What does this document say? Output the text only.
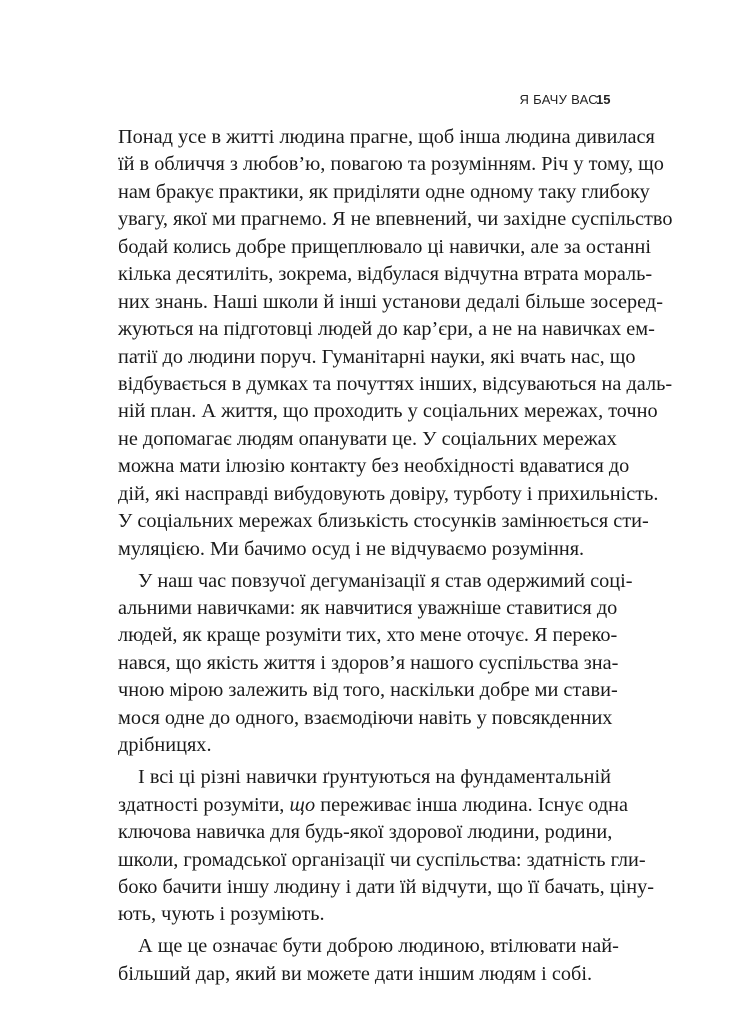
Я БАЧУ ВАС
15
Понад усе в житті людина прагне, щоб інша людина дивилася
їй в обличчя з любов’ю, повагою та розумінням. Річ у тому, що
нам бракує практики, як приділяти одне одному таку глибоку
увагу, якої ми прагнемо. Я не впевнений, чи західне суспільство
бодай колись добре прищеплювало ці навички, але за останні
кілька десятиліть, зокрема, відбулася відчутна втрата мораль-
них знань. Наші школи й інші установи дедалі більше зосеред-
жуються на підготовці людей до кар’єри, а не на навичках ем-
патії до людини поруч. Гуманітарні науки, які вчать нас, що
відбувається в думках та почуттях інших, відсуваються на даль-
ній план. А життя, що проходить у соціальних мережах, точно
не допомагає людям опанувати це. У соціальних мережах
можна мати ілюзію контакту без необхідності вдаватися до
дій, які насправді вибудовують довіру, турботу і прихильність.
У соціальних мережах близькість стосунків замінюється сти-
муляцією. Ми бачимо осуд і не відчуваємо розуміння.
У наш час повзучої дегуманізації я став одержимий соці-
альними навичками: як навчитися уважніше ставитися до
людей, як краще розуміти тих, хто мене оточує. Я переко-
нався, що якість життя і здоров’я нашого суспільства зна-
чною мірою залежить від того, наскільки добре ми стави-
мося одне до одного, взаємодіючи навіть у повсякденних
дрібницях.
І всі ці різні навички ґрунтуються на фундаментальній
здатності розуміти, що переживає інша людина. Існує одна
ключова навичка для будь-якої здорової людини, родини,
школи, громадської організації чи суспільства: здатність гли-
боко бачити іншу людину і дати їй відчути, що її бачать, ціну-
ють, чують і розуміють.
А ще це означає бути доброю людиною, втілювати най-
більший дар, який ви можете дати іншим людям і собі.
